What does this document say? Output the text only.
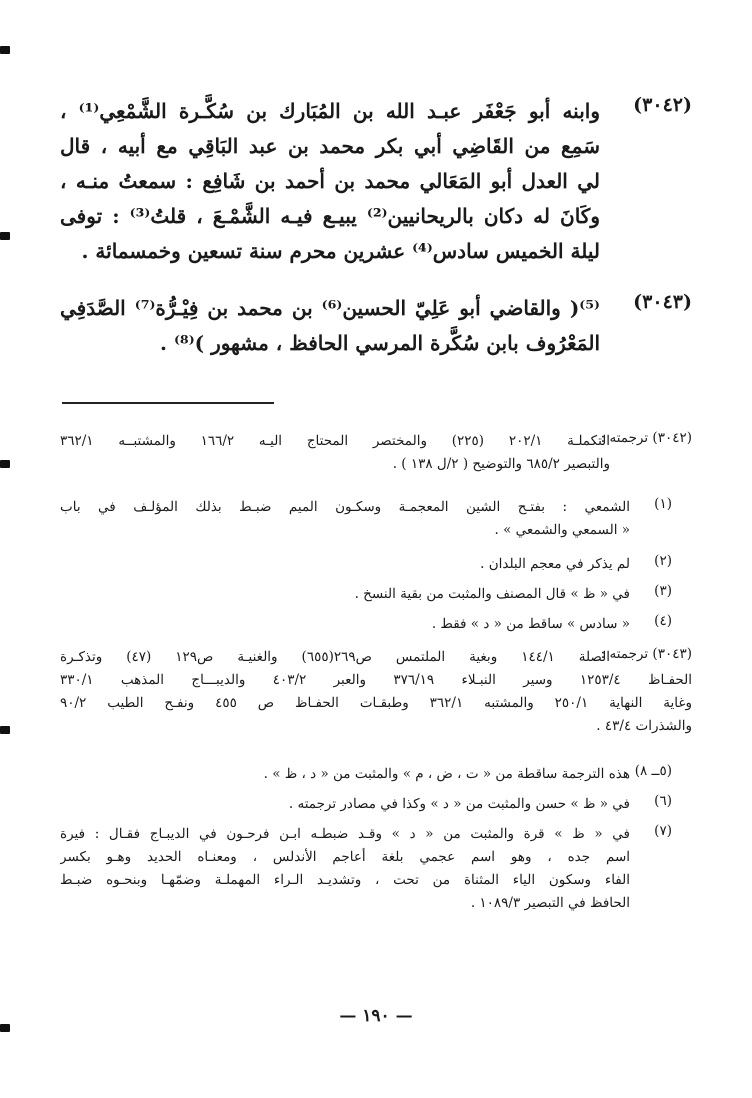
(٣٠٤٢)
وابنه أبو جَعْفَر عبـد الله بن المُبَارك بن سُكَّـرة الشَّمْعِي⁽¹⁾ ،
سَمِع من القَاضِي أبي بكر محمد بن عبد البَاقِي مع أبيه ، قال
لي العدل أبو المَعَالي محمد بن أحمد بن شَافِع : سمعتُ منـه ،
وكَانَ له دكان بالريحانيين⁽²⁾ يبيـع فيـه الشَّمْـعَ ، قلتُ⁽³⁾ : توفى
ليلة الخميس سادس⁽⁴⁾ عشرين محرم سنة تسعين وخمسمائة .
(٣٠٤٣)
⁽⁵⁾( والقاضي أبو عَلِيّ الحسين⁽⁶⁾ بن محمد بن فِيْـرُّة⁽⁷⁾ الصَّدَفِي
المَعْرُوف بابن سُكَّرة المرسي الحافظ ، مشهور )⁽⁸⁾ .
(٣٠٤٢) ترجمته :
التكملـة ٢٠٢/١ (٢٢٥) والمختصر المحتاج اليـه ١٦٦/٢ والمشتبــه ٣٦٢/١
والتبصير ٦٨٥/٢ والتوضيح ( ٢/ل ١٣٨ ) .
(١)
الشمعي : بفتـح الشين المعجمـة وسكـون الميم ضبـط بذلك المؤلـف في باب
« السمعي والشمعي » .
(٢)
لم يذكر في معجم البلدان .
(٣)
في « ظ » قال المصنف والمثبت من بقية النسخ .
(٤)
« سادس » ساقط من « د » فقط .
(٣٠٤٣) ترجمته :
الصلة ١٤٤/١ وبغية الملتمس ص٢٦٩(٦٥٥) والغنيـة ص١٢٩ (٤٧) وتذكـرة
الحفـاظ ١٢٥٣/٤ وسير النبـلاء ٣٧٦/١٩ والعبر ٤٠٣/٢ والديبـــاج المذهب ٣٣٠/١
وغاية النهاية ٢٥٠/١ والمشتبه ٣٦٢/١ وطبقـات الحفـاظ ص ٤٥٥ ونفـح الطيب ٩٠/٢
والشذرات ٤٣/٤ .
(٥ــ ٨)
هذه الترجمة ساقطة من « ت ، ض ، م » والمثبت من « د ، ظ » .
(٦)
في « ظ » حسن والمثبت من « د » وكذا في مصادر ترجمته .
(٧)
في « ظ » قرة والمثبت من « د » وقـد ضبطـه ابـن فرحـون في الديبـاج فقـال : فيرة
اسم جده ، وهو اسم عجمي بلغة أعاجم الأندلس ، ومعنـاه الحديد وهـو بكسر
الفاء وسكون الياء المثناة من تحت ، وتشديـد الـراء المهملـة وضمّهـا وبنحـوه ضبـط
الحافظ في التبصير ١٠٨٩/٣ .
— ١٩٠ —
